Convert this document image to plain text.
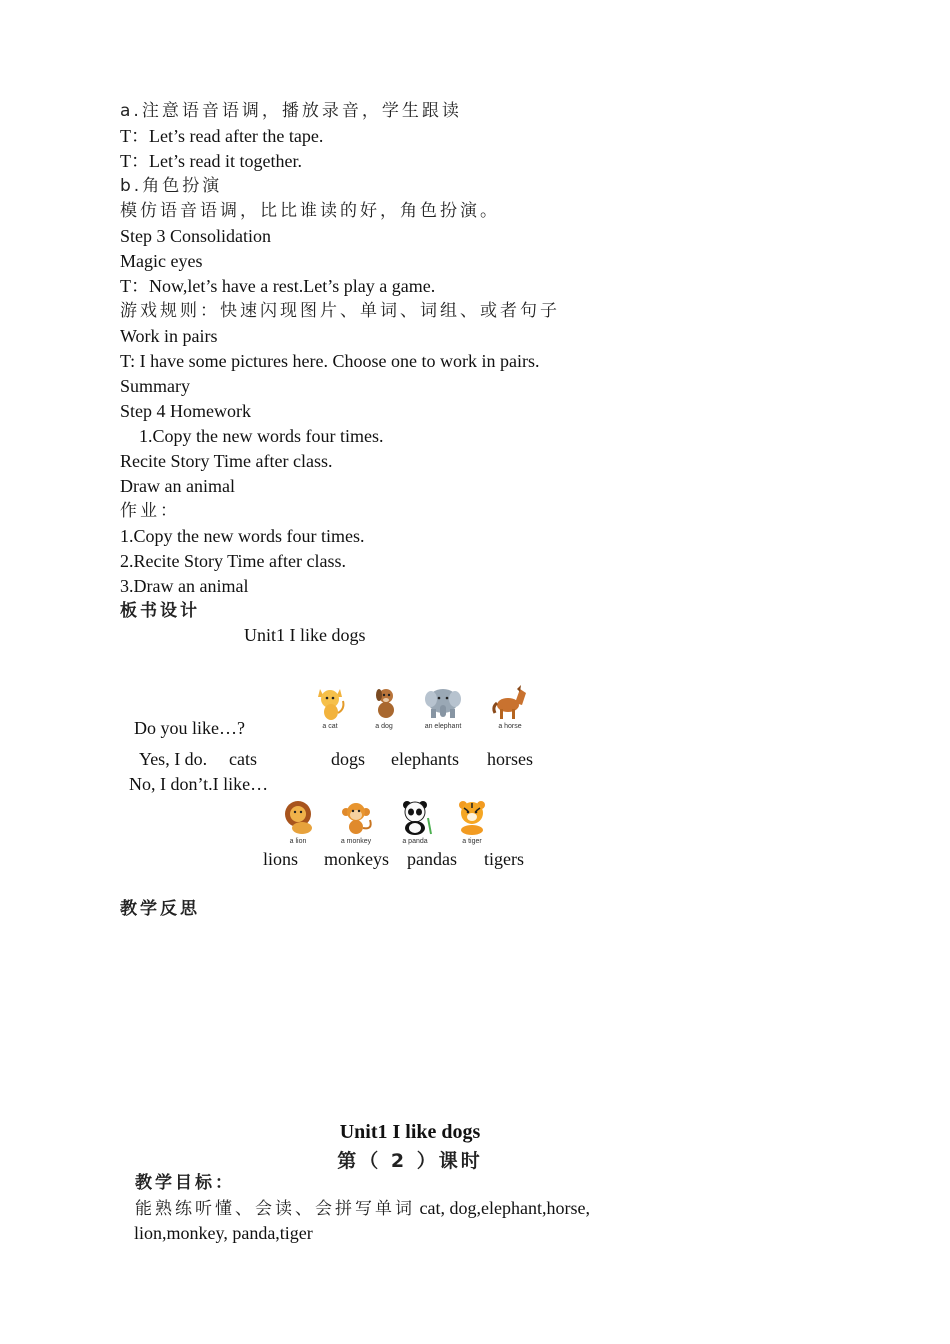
a.注意语音语调，播放录音，学生跟读
T：Let’s read after the tape.
T：Let’s read it together.
b.角色扮演
模仿语音语调，比比谁读的好，角色扮演。
Step 3 Consolidation
Magic eyes
T：Now,let’s have a rest.Let’s play a game.
游戏规则：快速闪现图片、单词、词组、或者句子
Work in pairs
T: I have some pictures here. Choose one to work in pairs.
Summary
Step 4 Homework
1.Copy the new words four times.
Recite Story Time after class.
Draw an animal
作业：
1.Copy the new words four times.
2.Recite Story Time after class.
3.Draw an animal
板书设计
Unit1 I like dogs
a cat	a dog	an elephant	a horse
Do you like…?
Yes, I do. cats	dogs elephants horses
No, I don’t.I like…
a lion	a monkey	a panda	a tiger
lions monkeys pandas tigers
教学反思
Unit1 I like dogs
第（ 2 ）课时
教学目标：
能熟练听懂、会读、会拼写单词 cat, dog,elephant,horse,
lion,monkey, panda,tiger
